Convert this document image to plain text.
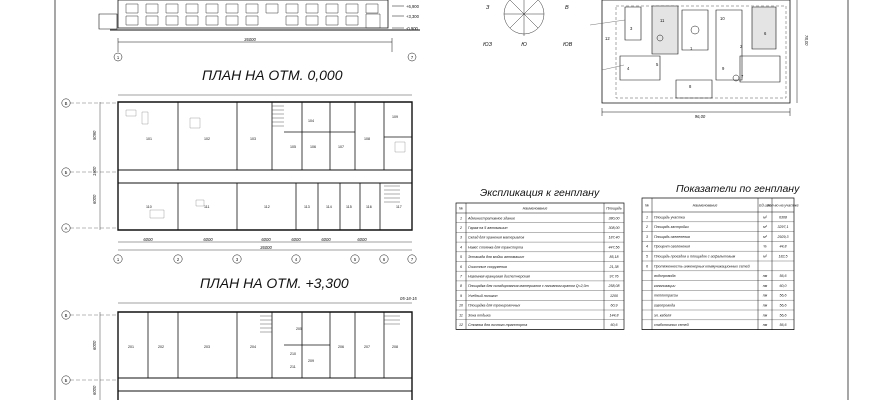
+6,900
+3,300
-0,900
36000
1	7
З	В
ЮЗ	Ю	ЮВ
1	2
3
4
5
6
7
8
9
10
11
12
96,00
78,00
ПЛАН НА ОТМ. 0,000
5090
1900
6000
В
Б
А
6000	6000	6000	6000	6000	6000
36000
1	2	3	4	5	6	7
101	102	103
104
105	106	107
108
109
110	111	112	113	114	115	116	117
ПЛАН НА ОТМ. +3,300
05-18-15
6000
6000
В
Б
201	202	203	204
205
206	207	208
209
210
211
Экспликация к генплану
№	Наименование	Площадь
1 Административное здание	380,00
2 Гараж на 5 автомашин	308,00
3 Склад для хранения материалов	187,40
4 Навес стоянка для транспорта	447,56
5 Эстакада для мойки автомашин	85,18
6 Очистные сооружения	21,38
7 Наземная кранцевая диспетчерская	97,76
8 Площадка для складирования материалов с наливным краном Q=2,0т	258,08
9 Учебный полигон	1200
10 Площадка для тренировочных	60,9
11 Зона отдыха	144,8
12 Стоянка для личного транспорта	60,6
Показатели по генплану
№	Наименование	Ед.изм
Кол-во на участке
1 Площадь участка	м²	6308
2 Площадь застройки	м²	3297,1
3 Площадь озеленения	м²	2929,3
4 Процент озеленения	%	44,8
5 Площадь проездов и площадок с асфальтовым	м²	182,5
6 Протяженность инженерных коммуникационных сетей
водопровода	пм	56,6
канализации	пм	60,0
теплотрассы	пм	56,6
газопровода	пм	56,6
эл. кабеля	пм	56,6
слаботочных сетей	пм	56,6
